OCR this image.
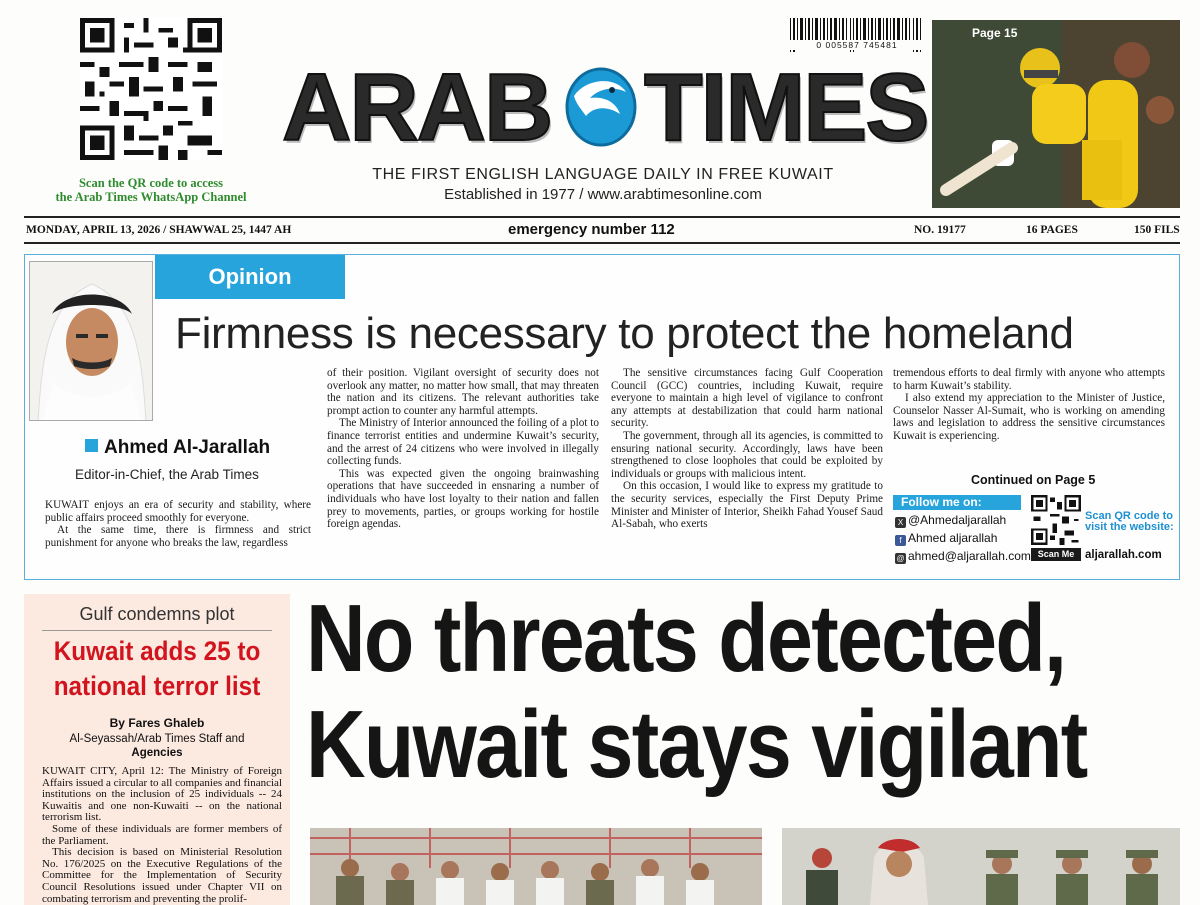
Scan the QR code to access
the Arab Times WhatsApp Channel
0 005587 745481
ARAB TIMES
THE FIRST ENGLISH LANGUAGE DAILY IN FREE KUWAIT
Established in 1977 / www.arabtimesonline.com
Page 15
MONDAY, APRIL 13, 2026 / SHAWWAL 25, 1447 AH	emergency number 112	NO. 19177	16 PAGES	150 FILS
Opinion
Firmness is necessary to protect the homeland
Ahmed Al-Jarallah
Editor-in-Chief, the Arab Times

KUWAIT enjoys an era of security and stability, where public affairs proceed smoothly for everyone.

At the same time, there is firmness and strict punishment for anyone who breaks the law, regardless

of their position. Vigilant oversight of security does not overlook any matter, no matter how small, that may threaten the nation and its citizens. The relevant authorities take prompt action to counter any harmful attempts.

The Ministry of Interior announced the foiling of a plot to finance terrorist entities and undermine Kuwait’s security, and the arrest of 24 citizens who were involved in illegally collecting funds.

This was expected given the ongoing brainwashing operations that have succeeded in ensnaring a number of individuals who have lost loyalty to their nation and fallen prey to movements, parties, or groups working for hostile foreign agendas.

The sensitive circumstances facing Gulf Cooperation Council (GCC) countries, including Kuwait, require everyone to maintain a high level of vigilance to confront any attempts at destabilization that could harm national security.

The government, through all its agencies, is committed to ensuring national security. Accordingly, laws have been strengthened to close loopholes that could be exploited by individuals or groups with malicious intent.

On this occasion, I would like to express my gratitude to the security services, especially the First Deputy Prime Minister and Minister of Interior, Sheikh Fahad Yousef Saud Al-Sabah, who exerts

tremendous efforts to deal firmly with anyone who attempts to harm Kuwait’s stability.

I also extend my appreciation to the Minister of Justice, Counselor Nasser Al-Sumait, who is working on amending laws and legislation to address the sensitive circumstances Kuwait is experiencing.

Continued on Page 5
Follow me on:
X @Ahmedaljarallah
f Ahmed aljarallah
@ ahmed@aljarallah.com Scan Me
Scan QR code to visit the website:
aljarallah.com
Gulf condemns plot
Kuwait adds 25 to national terror list
By Fares Ghaleb
Al-Seyassah/Arab Times Staff and
Agencies

KUWAIT CITY, April 12: The Ministry of Foreign Affairs issued a circular to all companies and financial institutions on the inclusion of 25 individuals -- 24 Kuwaitis and one non-Kuwaiti -- on the national terrorism list.

Some of these individuals are former members of the Parliament.

This decision is based on Ministerial Resolution No. 176/2025 on the Executive Regulations of the Committee for the Implementation of Security Council Resolutions issued under Chapter VII on combating terrorism and preventing the prolif-

No threats detected,
Kuwait stays vigilant
